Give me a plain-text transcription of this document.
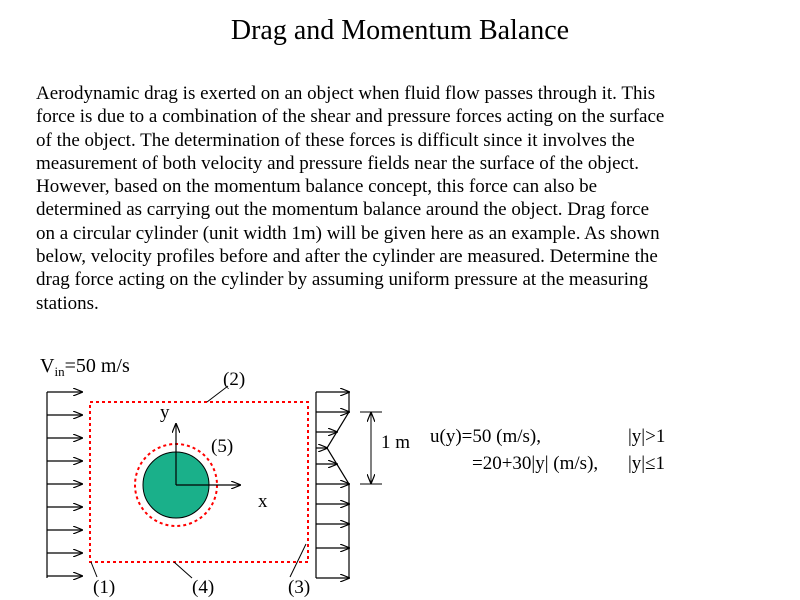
Drag and Momentum Balance

Aerodynamic drag is exerted on an object when fluid flow passes through it. This
force is due to a combination of the shear and pressure forces acting on the surface
of the object. The determination of these forces is difficult since it involves the
measurement of both velocity and pressure fields near the surface of the object.
However, based on the momentum balance concept, this force can also be
determined as carrying out the momentum balance around the object. Drag force
on a circular cylinder (unit width 1m) will be given here as an example. As shown
below, velocity profiles before and after the cylinder are measured. Determine the
drag force acting on the cylinder by assuming uniform pressure at the measuring
stations.

$V_{in}=50$ m/s
y
x
1 m
(2)
(5)
(1)	(4)	(3)
u(y)=50 (m/s),	|y|>1
=20+30|y| (m/s), |y|≤1
